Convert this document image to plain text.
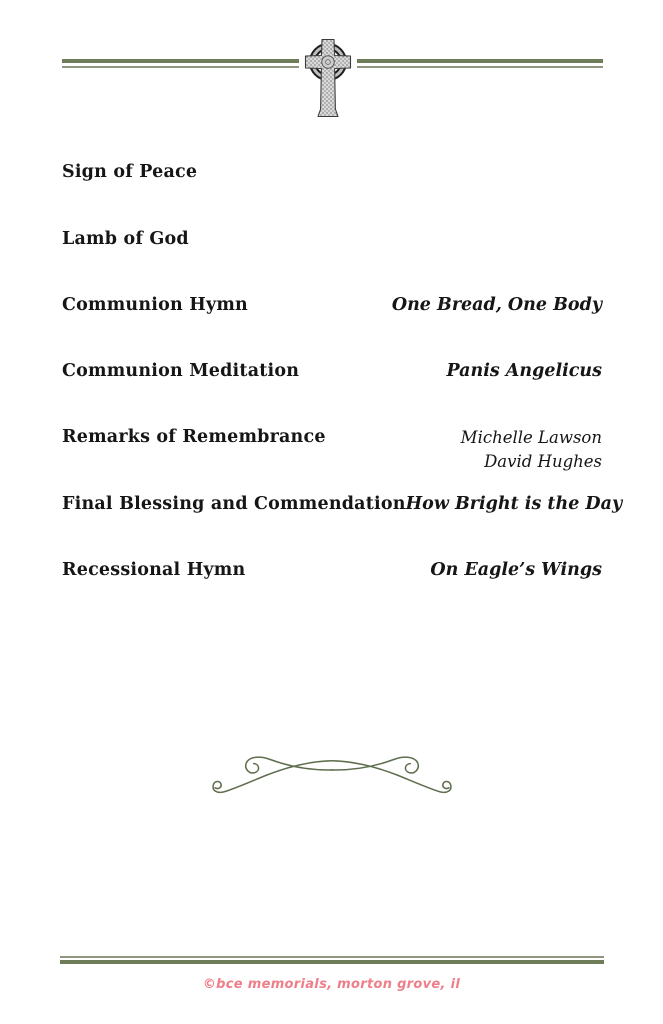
Sign of Peace
Lamb of God
Communion Hymn	One Bread, One Body
Communion Meditation	Panis Angelicus
Remarks of Remembrance	Michelle Lawson
David Hughes
Final Blessing and Commendation How Bright is the Day
Recessional Hymn	On Eagle’s Wings
©bce memorials, morton grove, il
